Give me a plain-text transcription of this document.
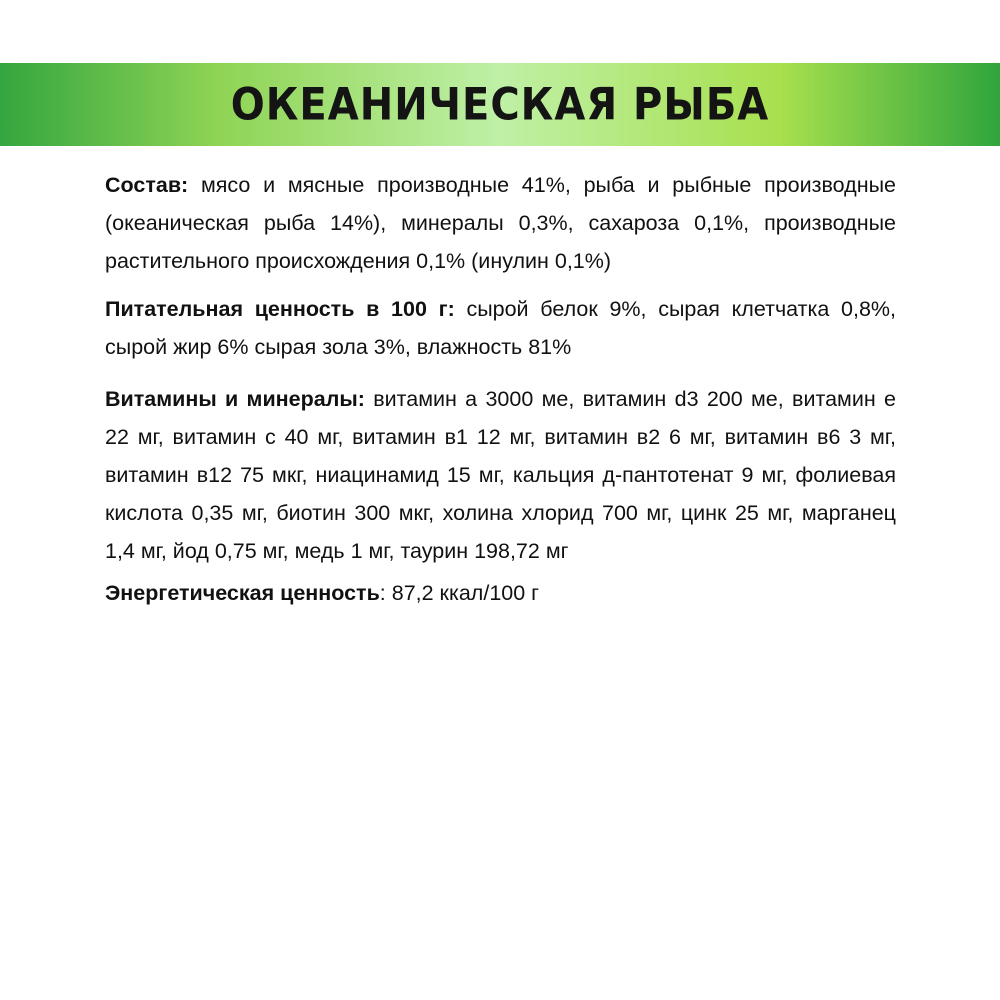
ОКЕАНИЧЕСКАЯ РЫБА

Состав: мясо и мясные производные 41%, рыба и рыбные производные (океаническая рыба 14%), минералы 0,3%, сахароза 0,1%, производные растительного происхождения 0,1% (инулин 0,1%)

Питательная ценность в 100 г: сырой белок 9%, сырая клетчатка 0,8%, сырой жир 6% сырая зола 3%, влажность 81%

Витамины и минералы: витамин а 3000 ме, витамин d3 200 ме, витамин е 22 мг, витамин с 40 мг, витамин в1 12 мг, витамин в2 6 мг, витамин в6 3 мг, витамин в12 75 мкг, ниацинамид 15 мг, кальция д-пантотенат 9 мг, фолиевая кислота 0,35 мг, биотин 300 мкг, холина хлорид 700 мг, цинк 25 мг, марганец 1,4 мг, йод 0,75 мг, медь 1 мг, таурин 198,72 мг

Энергетическая ценность: 87,2 ккал/100 г
